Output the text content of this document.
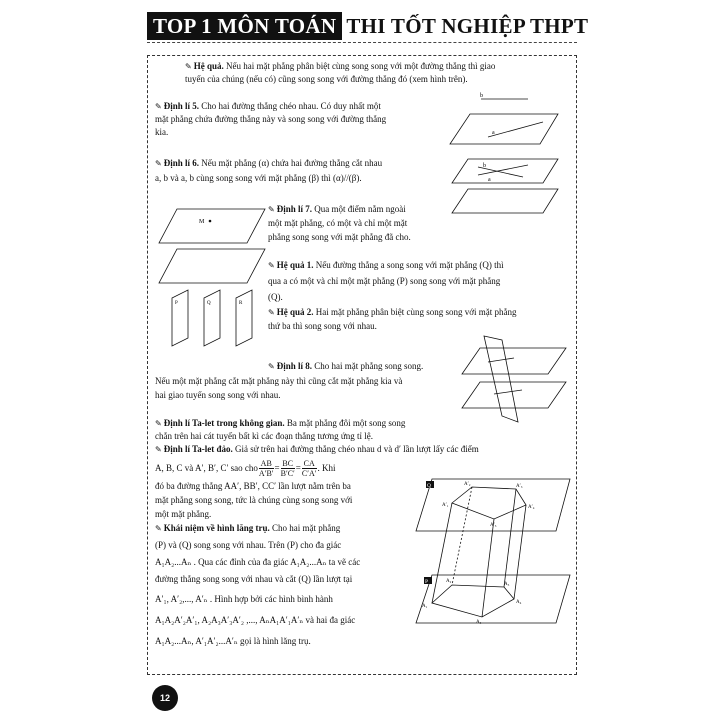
TOP 1 MÔN TOÁN THI TỐT NGHIỆP THPT
✎ Hệ quả. Nếu hai mặt phẳng phân biệt cùng song song với một đường thẳng thì giao
tuyến của chúng (nếu có) cũng song song với đường thẳng đó (xem hình trên).
✎ Định lí 5. Cho hai đường thẳng chéo nhau. Có duy nhất một
mặt phẳng chứa đường thẳng này và song song với đường thẳng
kia.
b
a
✎ Định lí 6. Nếu mặt phẳng (α) chứa hai đường thẳng cắt nhau
a, b và a, b cùng song song với mặt phẳng (β) thì (α)//(β).
b
a
M
✎ Định lí 7. Qua một điểm nằm ngoài
một mặt phẳng, có một và chỉ một mặt
phẳng song song với mặt phẳng đã cho.
✎ Hệ quả 1. Nếu đường thẳng a song song với mặt phẳng (Q) thì
qua a có một và chỉ một mặt phẳng (P) song song với mặt phẳng
(Q).
P	Q	R
✎ Hệ quả 2. Hai mặt phẳng phân biệt cùng song song với mặt phẳng
thứ ba thì song song với nhau.
✎ Định lí 8. Cho hai mặt phẳng song song.
Nếu một mặt phẳng cắt mặt phẳng này thì cũng cắt mặt phẳng kia và
hai giao tuyến song song với nhau.
✎ Định lí Ta-let trong không gian. Ba mặt phẳng đôi một song song
chắn trên hai cát tuyến bất kì các đoạn thẳng tương ứng tỉ lệ.
✎ Định lí Ta-let đảo. Giả sử trên hai đường thẳng chéo nhau d và d′ lần lượt lấy các điểm
A, B, C và A′, B′, C′ sao cho $\frac{AB}{A'B'} = \frac{BC}{B'C'} = \frac{CA}{C'A'}$ . Khi
đó ba đường thẳng AA′, BB′, CC′ lần lượt nằm trên ba
mặt phẳng song song, tức là chúng cùng song song với
một mặt phẳng.
✎ Khái niệm về hình lăng trụ. Cho hai mặt phẳng
(P) và (Q) song song với nhau. Trên (P) cho đa giác
A₁A₂...Aₙ . Qua các đỉnh của đa giác A₁A₂...Aₙ ta vẽ các
đường thẳng song song với nhau và cắt (Q) lần lượt tại
A′₁, A′₂,..., A′ₙ . Hình hợp bởi các hình bình hành
A₁A₂A′₂A′₁, A₂A₃A′₃A′₂ ,..., AₙA₁A′₁A′ₙ và hai đa giác
A₁A₂...Aₙ, A′₁A′₂...A′ₙ gọi là hình lăng trụ.
Q
P
A′₁
A′₂	A′₃
A′₄
A′₅
A₁
A₂
A₃
A₄
A₅
12
